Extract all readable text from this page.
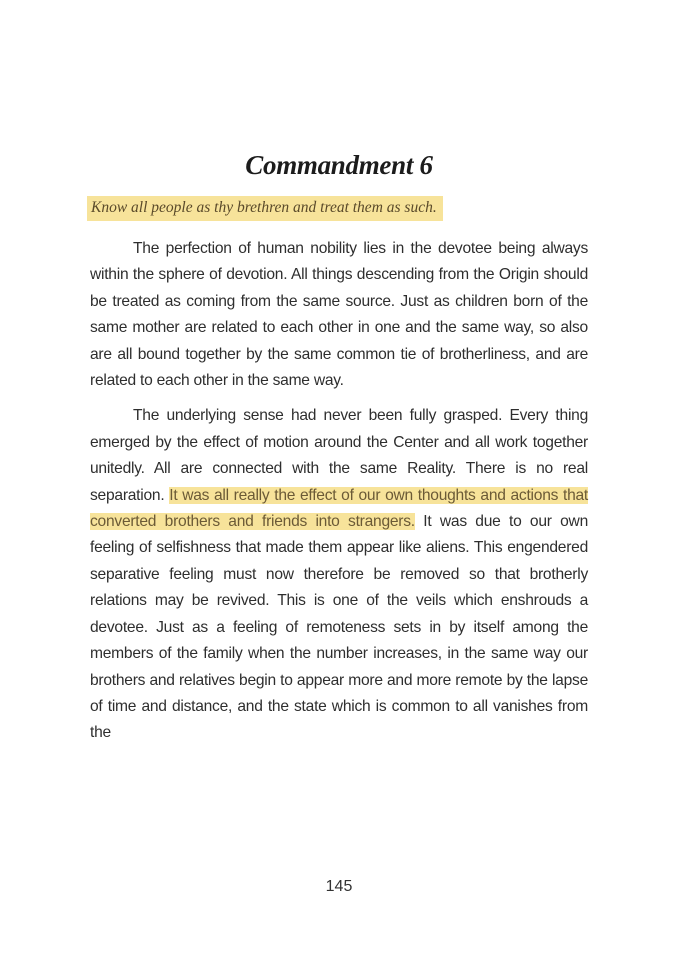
Commandment 6
Know all people as thy brethren and treat them as such.

The perfection of human nobility lies in the devotee being always within the sphere of devotion. All things descending from the Origin should be treated as coming from the same source. Just as children born of the same mother are related to each other in one and the same way, so also are all bound together by the same common tie of brotherliness, and are related to each other in the same way.

The underlying sense had never been fully grasped. Every thing emerged by the effect of motion around the Center and all work together unitedly. All are connected with the same Reality. There is no real separation. It was all really the effect of our own thoughts and actions that converted brothers and friends into strangers. It was due to our own feeling of selfishness that made them appear like aliens. This engendered separative feeling must now therefore be removed so that brotherly relations may be revived. This is one of the veils which enshrouds a devotee. Just as a feeling of remoteness sets in by itself among the members of the family when the number increases, in the same way our brothers and relatives begin to appear more and more remote by the lapse of time and distance, and the state which is common to all vanishes from the

145
